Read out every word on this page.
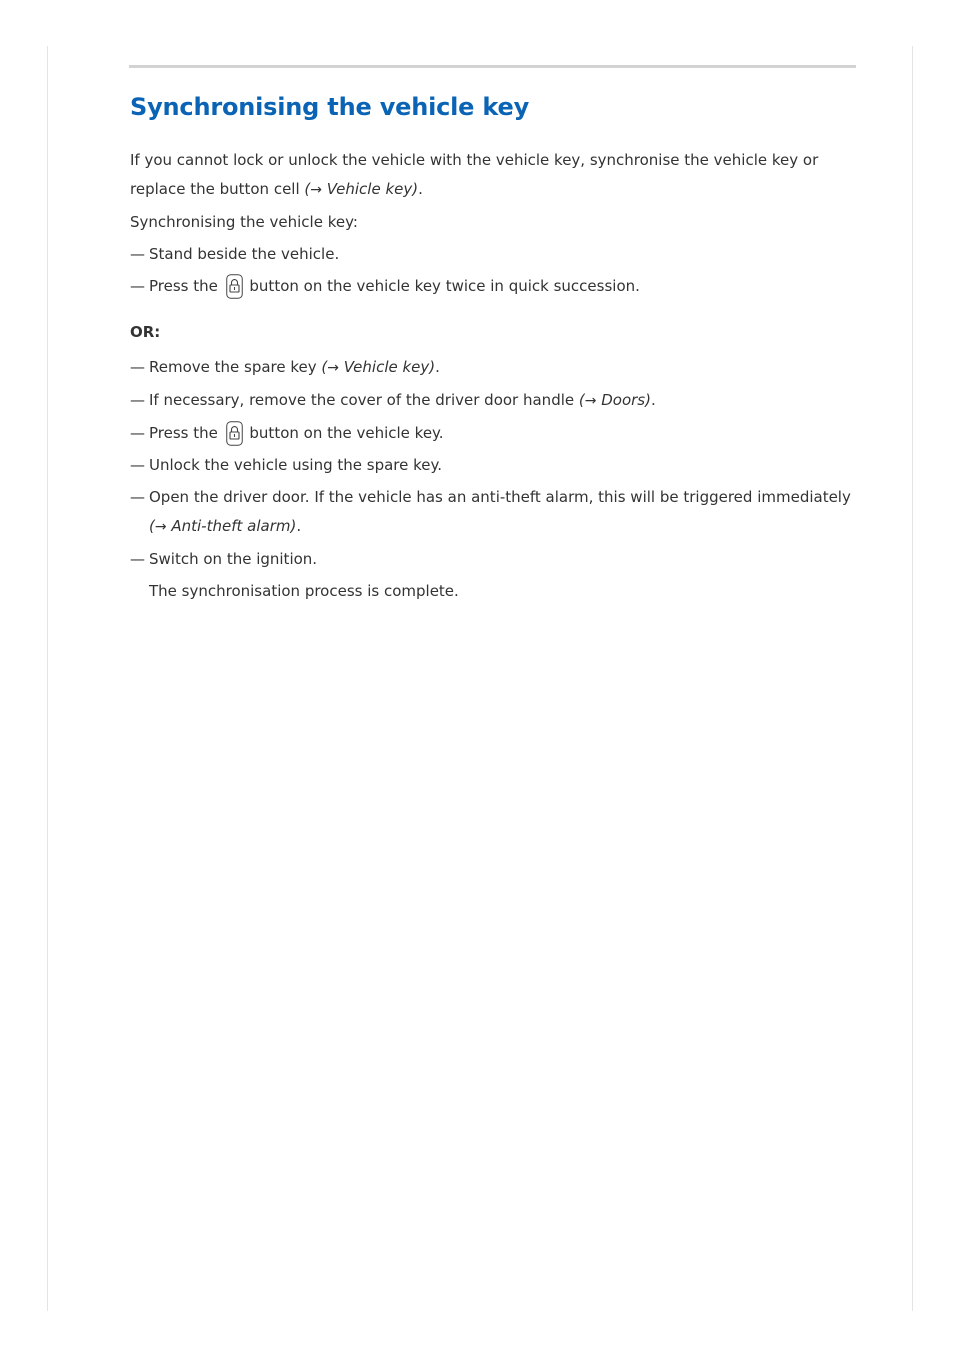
Synchronising the vehicle key

If you cannot lock or unlock the vehicle with the vehicle key, synchronise the vehicle key or replace the button cell (→ Vehicle key).

Synchronising the vehicle key:

— Stand beside the vehicle.
— Press the  button on the vehicle key twice in quick succession.
OR:
— Remove the spare key (→ Vehicle key).
— If necessary, remove the cover of the driver door handle (→ Doors).
— Press the  button on the vehicle key.
— Unlock the vehicle using the spare key.
— Open the driver door. If the vehicle has an anti-theft alarm, this will be triggered immediately (→ Anti-theft alarm).
— Switch on the ignition.
The synchronisation process is complete.
